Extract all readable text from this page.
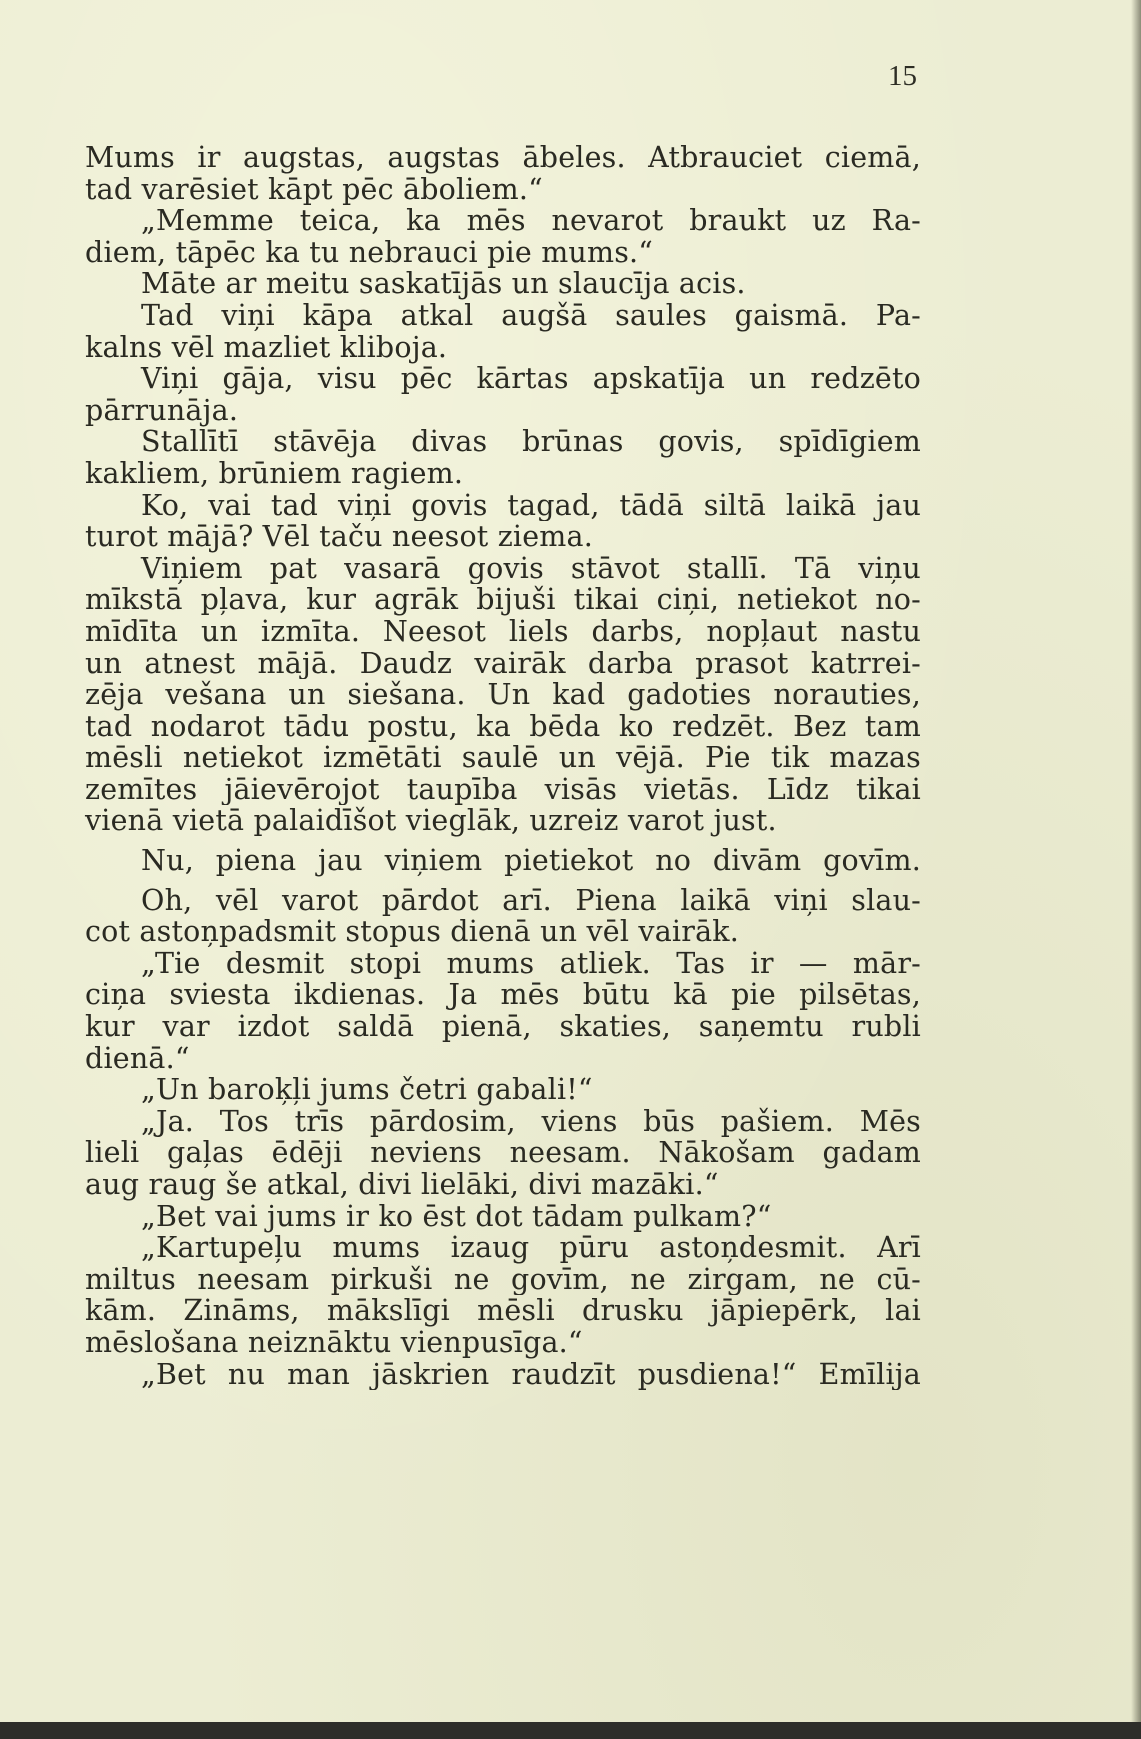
15
Mums ir augstas, augstas ābeles. Atbrauciet ciemā,
tad varēsiet kāpt pēc āboliem.“
„Memme teica, ka mēs nevarot braukt uz Ra-
diem, tāpēc ka tu nebrauci pie mums.“
Māte ar meitu saskatījās un slaucīja acis.
Tad viņi kāpa atkal augšā saules gaismā. Pa-
kalns vēl mazliet kliboja.
Viņi gāja, visu pēc kārtas apskatīja un redzēto
pārrunāja.
Stallītī stāvēja divas brūnas govis, spīdīgiem
kakliem, brūniem ragiem.
Ko, vai tad viņi govis tagad, tādā siltā laikā jau
turot mājā? Vēl taču neesot ziema.
Viņiem pat vasarā govis stāvot stallī. Tā viņu
mīkstā pļava, kur agrāk bijuši tikai ciņi, netiekot no-
mīdīta un izmīta. Neesot liels darbs, nopļaut nastu
un atnest mājā. Daudz vairāk darba prasot katrrei-
zēja vešana un siešana. Un kad gadoties norauties,
tad nodarot tādu postu, ka bēda ko redzēt. Bez tam
mēsli netiekot izmētāti saulē un vējā. Pie tik mazas
zemītes jāievērojot taupība visās vietās. Līdz tikai
vienā vietā palaidīšot vieglāk, uzreiz varot just.
Nu, piena jau viņiem pietiekot no divām govīm.
Oh, vēl varot pārdot arī. Piena laikā viņi slau-
cot astoņpadsmit stopus dienā un vēl vairāk.
„Tie desmit stopi mums atliek. Tas ir — mār-
ciņa sviesta ikdienas. Ja mēs būtu kā pie pilsētas,
kur var izdot saldā pienā, skaties, saņemtu rubli
dienā.“
„Un baroķļi jums četri gabali!“
„Ja. Tos trīs pārdosim, viens būs pašiem. Mēs
lieli gaļas ēdēji neviens neesam. Nākošam gadam
aug raug še atkal, divi lielāki, divi mazāki.“
„Bet vai jums ir ko ēst dot tādam pulkam?“
„Kartupeļu mums izaug pūru astoņdesmit. Arī
miltus neesam pirkuši ne govīm, ne zirgam, ne cū-
kām. Zināms, mākslīgi mēsli drusku jāpiepērk, lai
mēslošana neiznāktu vienpusīga.“
„Bet nu man jāskrien raudzīt pusdiena!“ Emīlija
